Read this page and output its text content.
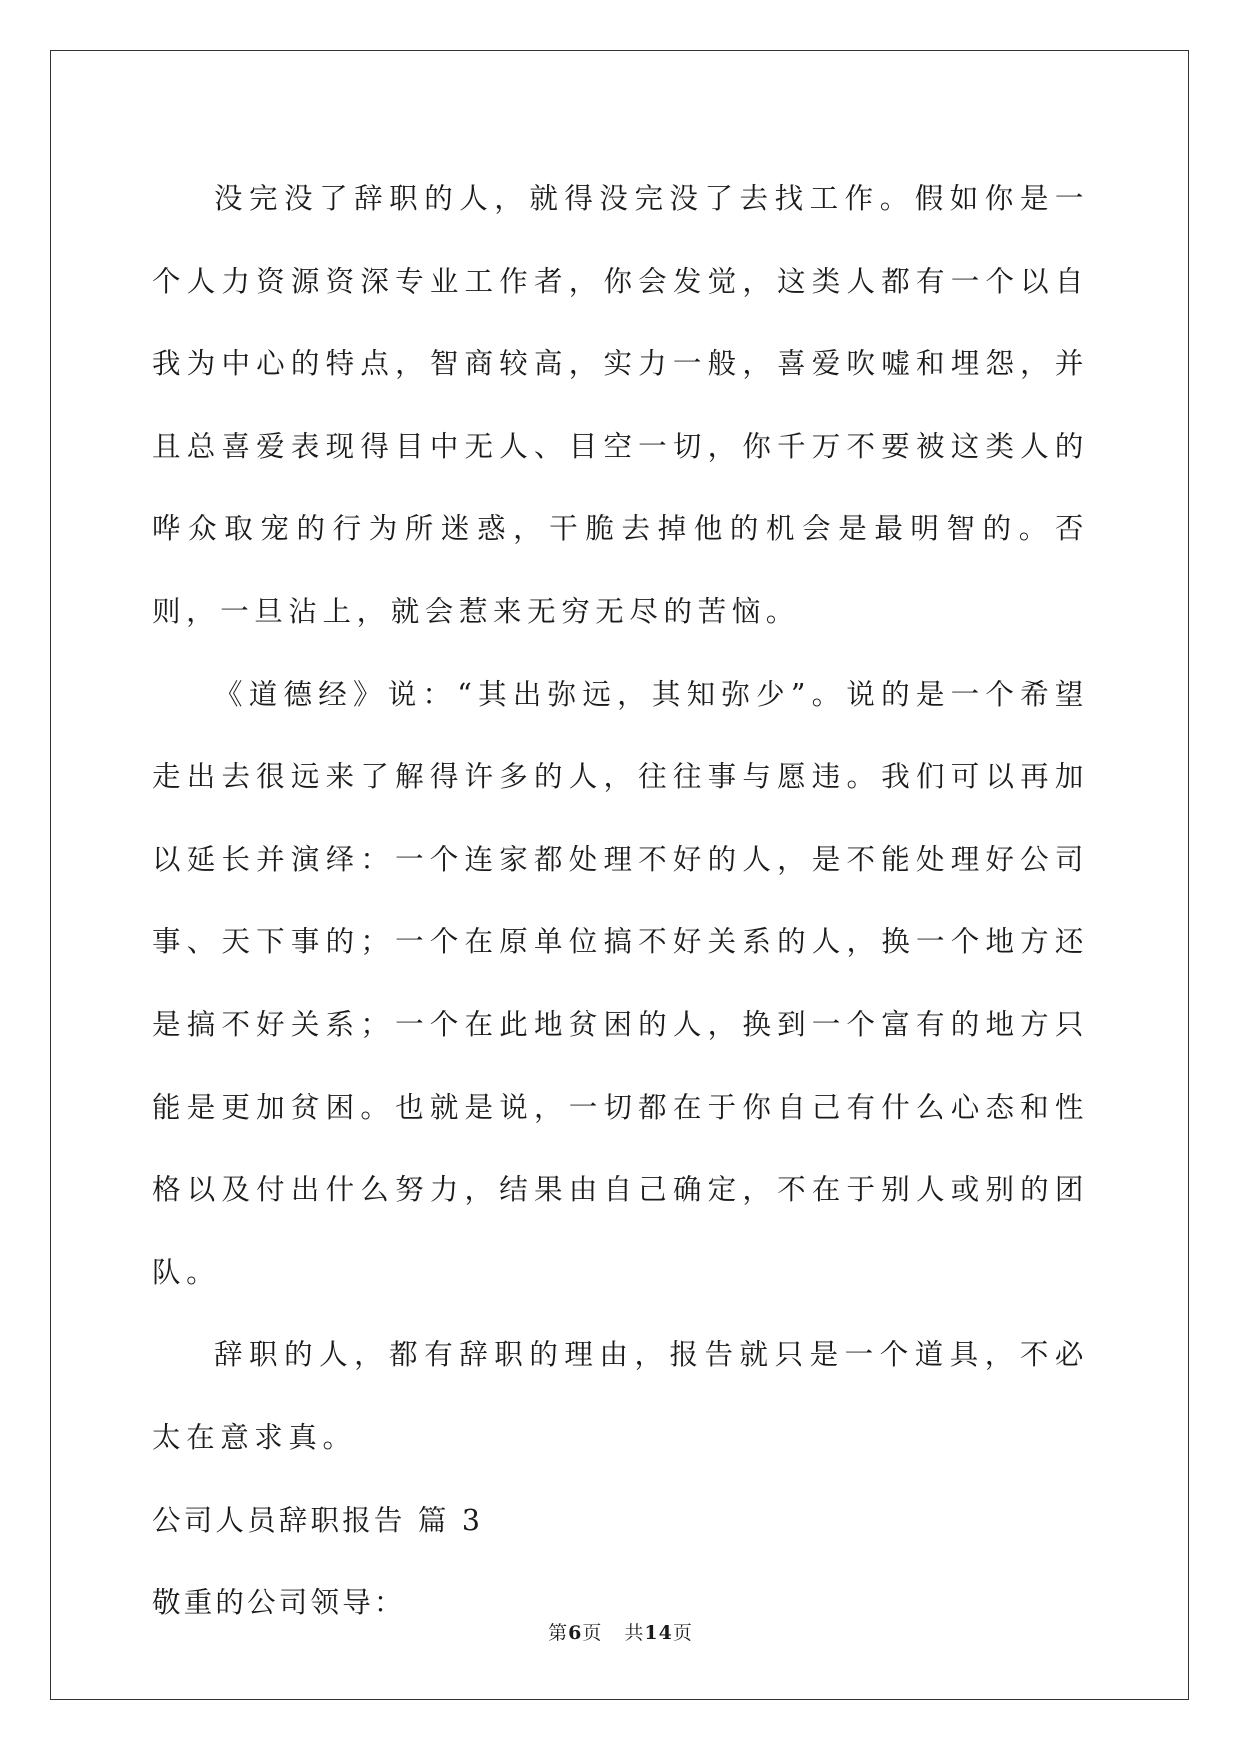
没完没了辞职的人，就得没完没了去找工作。假如你是一个人力资源资深专业工作者，你会发觉，这类人都有一个以自我为中心的特点，智商较高，实力一般，喜爱吹嘘和埋怨，并且总喜爱表现得目中无人、目空一切，你千万不要被这类人的哗众取宠的行为所迷惑，干脆去掉他的机会是最明智的。否则，一旦沾上，就会惹来无穷无尽的苦恼。

《道德经》说：“其出弥远，其知弥少”。说的是一个希望走出去很远来了解得许多的人，往往事与愿违。我们可以再加以延长并演绎：一个连家都处理不好的人，是不能处理好公司事、天下事的；一个在原单位搞不好关系的人，换一个地方还是搞不好关系；一个在此地贫困的人，换到一个富有的地方只能是更加贫困。也就是说，一切都在于你自己有什么心态和性格以及付出什么努力，结果由自己确定，不在于别人或别的团队。

辞职的人，都有辞职的理由，报告就只是一个道具，不必太在意求真。

公司人员辞职报告 篇 3

敬重的公司领导：

第6页 共14页
